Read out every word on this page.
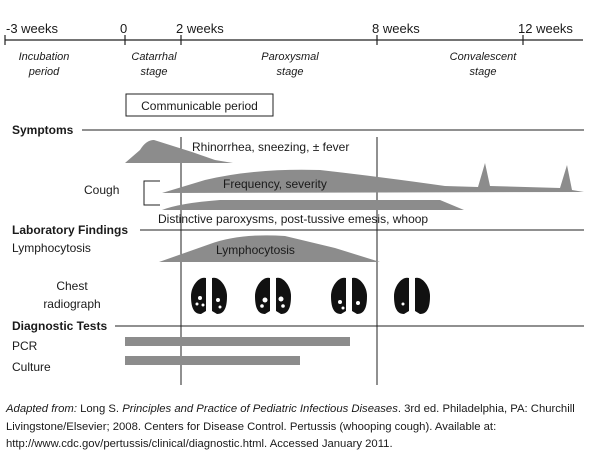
-3 weeks	0	2 weeks	8 weeks	12 weeks
Incubation
period
Catarrhal
stage
Paroxysmal
stage
Convalescent
stage
Communicable period
Symptoms
Rhinorrhea, sneezing, ± fever
Cough	Frequency, severity
Distinctive paroxysms, post-tussive emesis, whoop
Laboratory Findings
Lymphocytosis	Lymphocytosis
Chest
radiograph
Diagnostic Tests
PCR
Culture
Adapted from: Long S. Principles and Practice of Pediatric Infectious Diseases. 3rd ed. Philadelphia, PA: Churchill Livingstone/Elsevier; 2008. Centers for Disease Control. Pertussis (whooping cough). Available at: http://www.cdc.gov/pertussis/clinical/diagnostic.html. Accessed January 2011.
